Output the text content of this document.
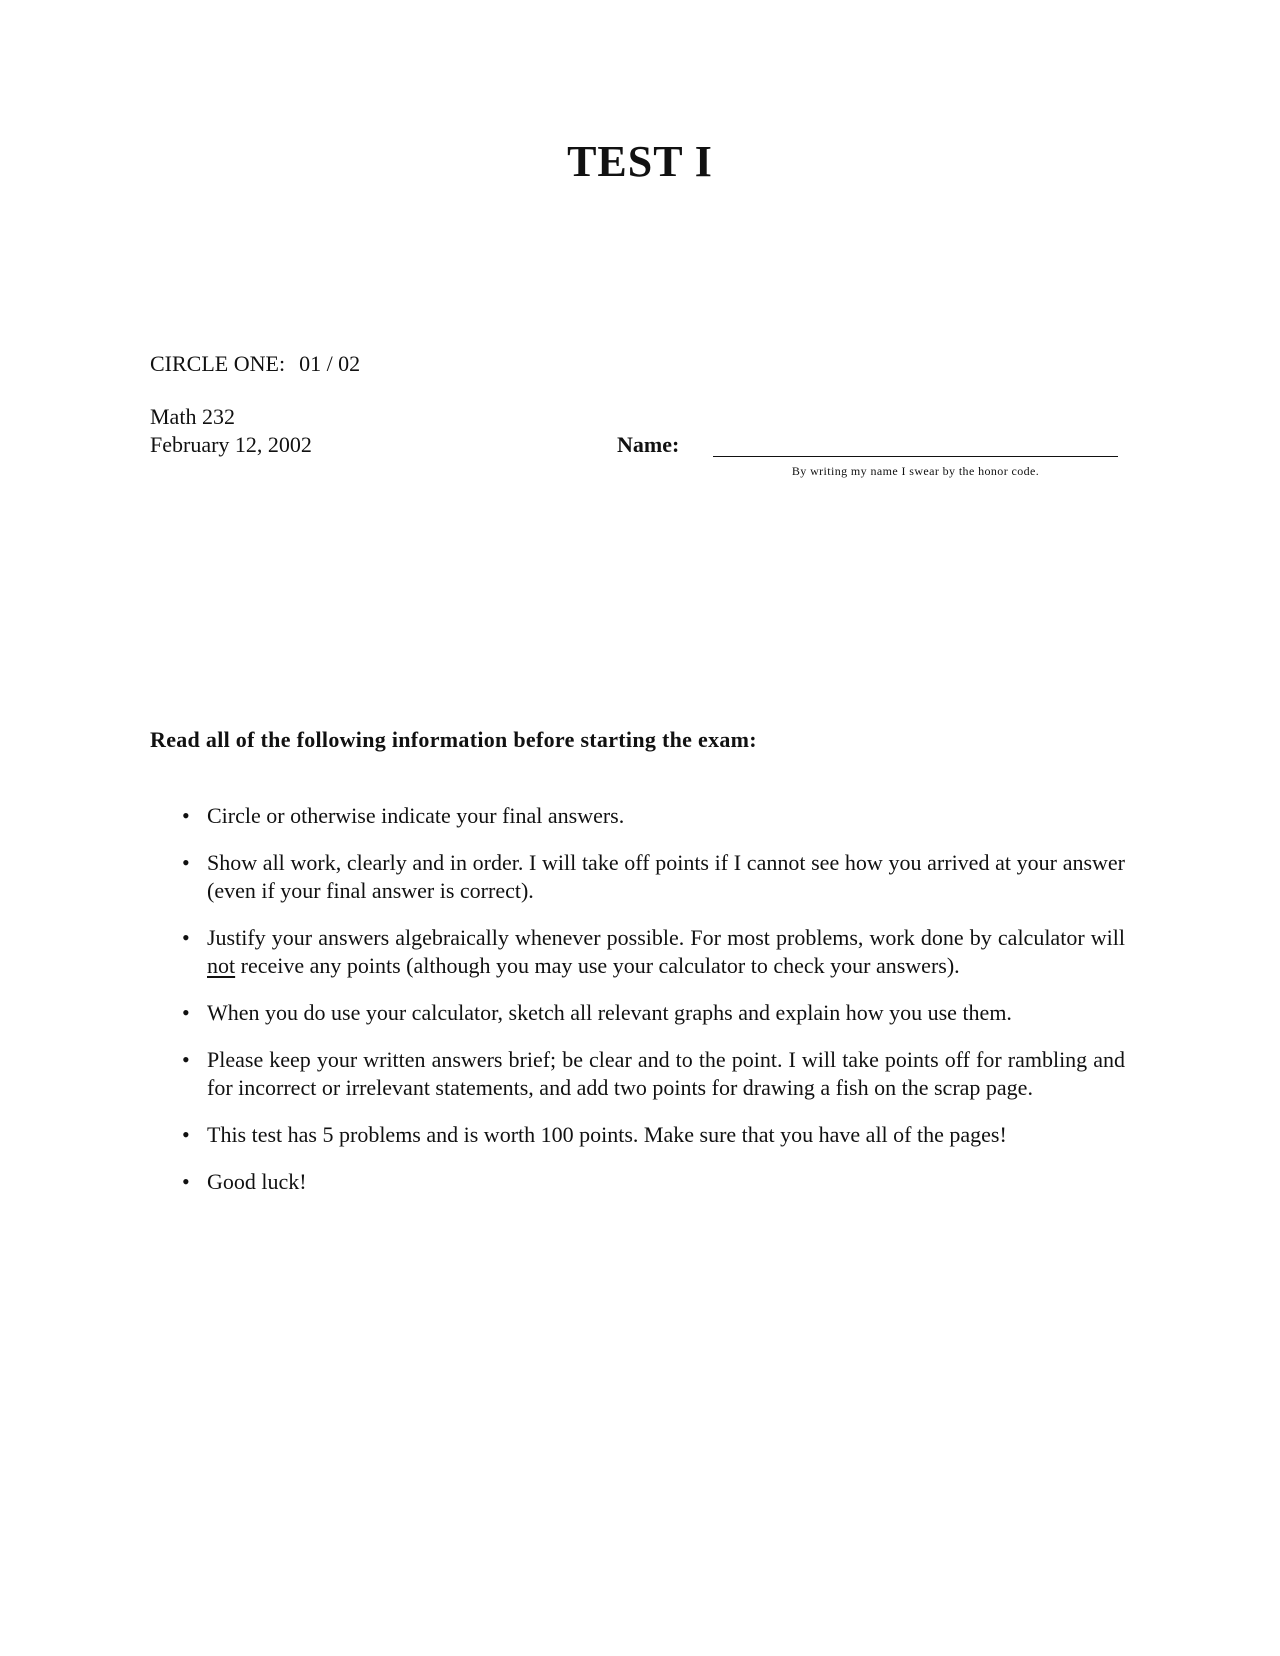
TEST I
CIRCLE ONE: 01 / 02
Math 232
February 12, 2002	Name:
By writing my name I swear by the honor code.
Read all of the following information before starting the exam:
• Circle or otherwise indicate your final answers.
• Show all work, clearly and in order. I will take off points if I cannot see how you arrived at your answer (even if your final answer is correct).
• Justify your answers algebraically whenever possible. For most problems, work done by calculator will not receive any points (although you may use your calculator to check your answers).
• When you do use your calculator, sketch all relevant graphs and explain how you use them.
• Please keep your written answers brief; be clear and to the point. I will take points off for rambling and for incorrect or irrelevant statements, and add two points for drawing a fish on the scrap page.
• This test has 5 problems and is worth 100 points. Make sure that you have all of the pages!
• Good luck!
